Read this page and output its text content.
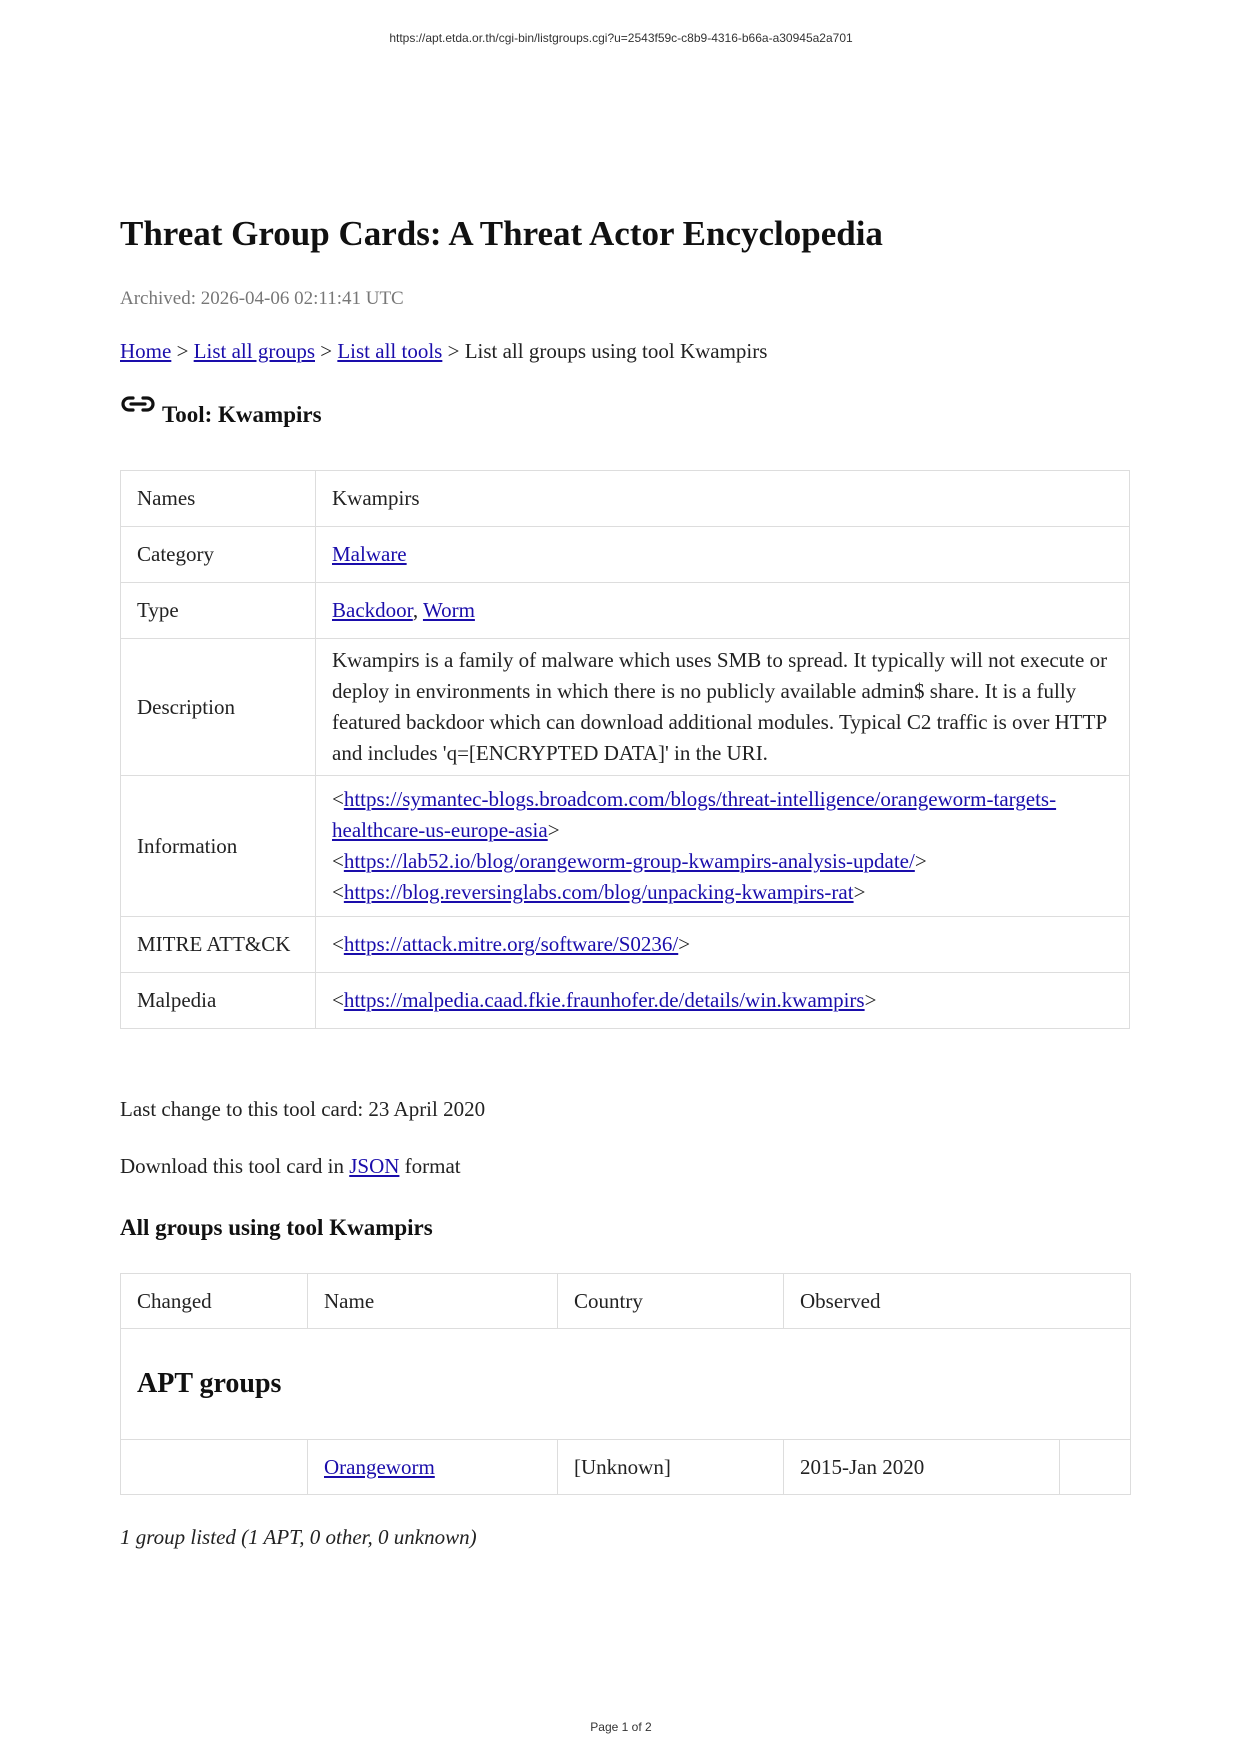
https://apt.etda.or.th/cgi-bin/listgroups.cgi?u=2543f59c-c8b9-4316-b66a-a30945a2a701
Threat Group Cards: A Threat Actor Encyclopedia
Archived: 2026-04-06 02:11:41 UTC
Home > List all groups > List all tools > List all groups using tool Kwampirs
Tool: Kwampirs
Names	Kwampirs
Category	Malware
Type	Backdoor, Worm
Description	Kwampirs is a family of malware which uses SMB to spread. It typically will not execute or deploy in environments in which there is no publicly available admin$ share. It is a fully featured backdoor which can download additional modules. Typical C2 traffic is over HTTP and includes 'q=[ENCRYPTED DATA]' in the URI.
Information	<https://symantec-blogs.broadcom.com/blogs/threat-intelligence/orangeworm-targets-healthcare-us-europe-asia>
<https://lab52.io/blog/orangeworm-group-kwampirs-analysis-update/>
<https://blog.reversinglabs.com/blog/unpacking-kwampirs-rat>
MITRE ATT&CK	<https://attack.mitre.org/software/S0236/>
Malpedia	<https://malpedia.caad.fkie.fraunhofer.de/details/win.kwampirs>
Last change to this tool card: 23 April 2020
Download this tool card in JSON format
All groups using tool Kwampirs
Changed	Name	Country	Observed	
APT groups				
	Orangeworm	[Unknown]	2015-Jan 2020	
1 group listed (1 APT, 0 other, 0 unknown)
Page 1 of 2
